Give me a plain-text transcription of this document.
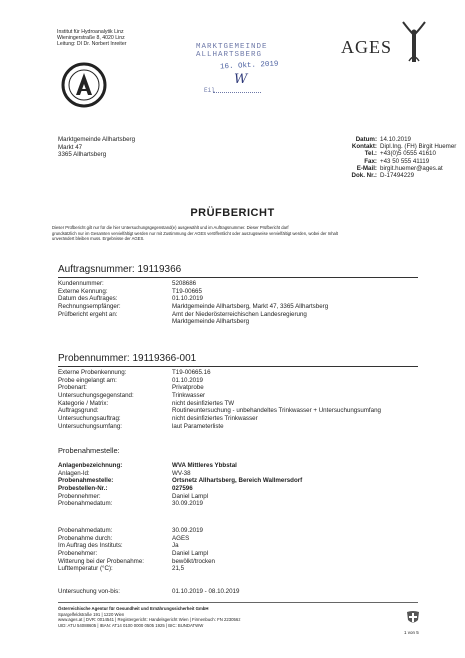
Institut für Hydroanalytik Linz
Wieningerstraße 8, 4020 Linz
Leitung: DI Dr. Norbert Inreiter	MARKTGEMEINDE
ALLHARTSBERG
16. Okt. 2019
W
Eil
AGES
Marktgemeinde Allhartsberg
Markt 47
3365 Allhartsberg
Datum: 14.10.2019
Kontakt: Dipl.Ing. (FH) Birgit Huemer
Tel.: +43(0)5 0555 41610
Fax: +43 50 555 41119
E-Mail: birgit.huemer@ages.at
Dok. Nr.: D-17494229
PRÜFBERICHT
Dieser Prüfbericht gilt nur für die hier Untersuchungsgegenstand(e) ausgewählt und im Auftragsnummer. Dieser Prüfbericht darf
grundsätzlich nur im Gesamten vervielfältigt werden nur mit Zustimmung der AGES veröffentlicht oder auszugsweise vervielfältigt werden, wobei der Inhalt
unverändert bleiben muss. Ergebnisse der AGES.
Auftragsnummer: 19119366
Kundennummer:	5208686
Externe Kennung:	T19-00665
Datum des Auftrages:	01.10.2019
Rechnungsempfänger:	Marktgemeinde Allhartsberg, Markt 47, 3365 Allhartsberg
Prüfbericht ergeht an:	Amt der Niederösterreichischen Landesregierung
Marktgemeinde Allhartsberg
Probennummer: 19119366-001
Externe Probenkennung:	T19-00665.16
Probe eingelangt am:	01.10.2019
Probenart:	Privatprobe
Untersuchungsgegenstand:	Trinkwasser
Kategorie / Matrix:	nicht desinfiziertes TW
Auftragsgrund:	Routineuntersuchung - unbehandeltes Trinkwasser + Untersuchungsumfang
Untersuchungsauftrag:	nicht desinfiziertes Trinkwasser
Untersuchungsumfang:	laut Parameterliste
Probenahmestelle:
Anlagenbezeichnung:	WVA Mittleres Ybbstal
Anlagen-Id:	WV-38
Probenahmestelle:	Ortsnetz Allhartsberg, Bereich Wallmersdorf
Probestellen-Nr.:	027596
Probennehmer:	Daniel Lampl
Probenahmedatum:	30.09.2019
Probenahmedatum:	30.09.2019
Probenahme durch:	AGES
Im Auftrag des Instituts:	Ja
Probenehmer:	Daniel Lampl
Witterung bei der Probenahme:	bewölkt/trocken
Lufttemperatur (°C):	21,5
Untersuchung von-bis:	01.10.2019 - 08.10.2019
Österreichische Agentur für Gesundheit und Ernährungssicherheit GmbH
Spargelfeldstraße 191 | 1220 Wien
www.ages.at | DVR: 0014541 | Registergericht: Handelsgericht Wien | Firmenbuch: FN 223056z
UID: ATU 54088605 | IBAN: AT14 0100 0000 0505 1925 | BIC: BUNDATWW
1 von 5
